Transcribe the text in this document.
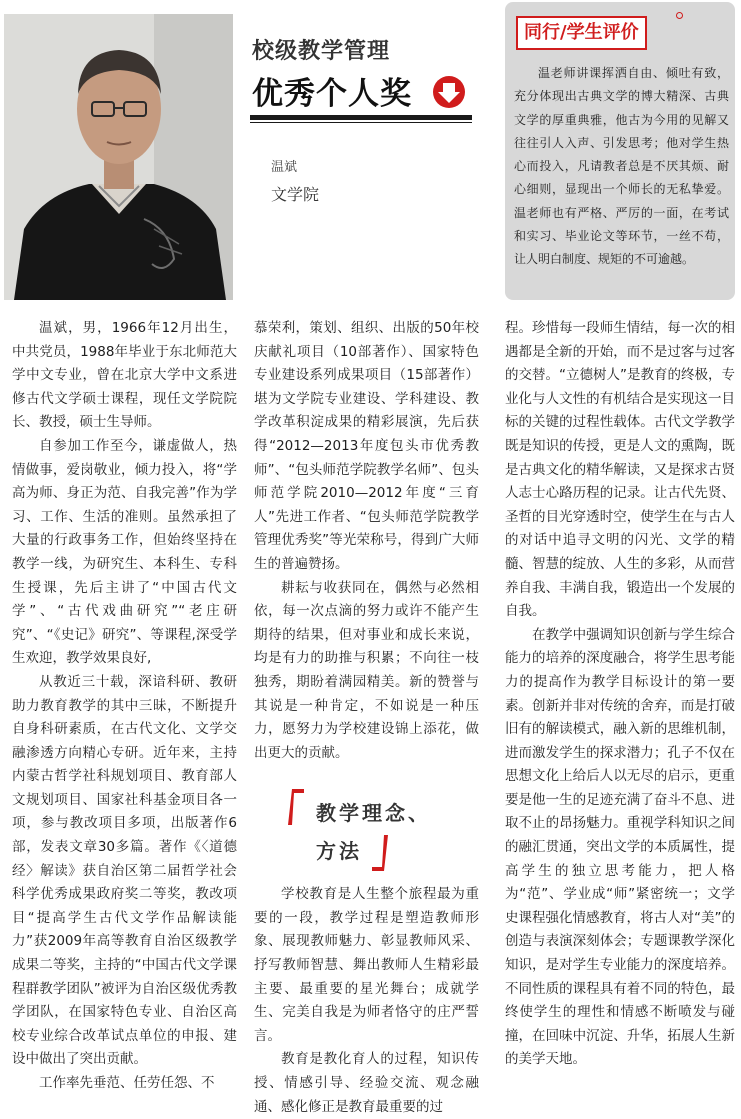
校级教学管理
优秀个人奖
温斌
文学院
同行/学生评价

温老师讲课挥洒自由、倾吐有致，充分体现出古典文学的博大精深、古典文学的厚重典雅，他古为今用的见解又往往引人入声、引发思考；他对学生热心而投入，凡请教者总是不厌其烦、耐心细则，显现出一个师长的无私挚爱。温老师也有严格、严厉的一面，在考试和实习、毕业论文等环节，一丝不苟，让人明白制度、规矩的不可逾越。

温斌，男，1966年12月出生，中共党员，1988年毕业于东北师范大学中文专业，曾在北京大学中文系进修古代文学硕士课程，现任文学院院长、教授，硕士生导师。

自参加工作至今，谦虚做人，热情做事，爱岗敬业，倾力投入，将“学高为师、身正为范、自我完善”作为学习、工作、生活的准则。虽然承担了大量的行政事务工作，但始终坚持在教学一线，为研究生、本科生、专科生授课，先后主讲了“中国古代文学”、“古代戏曲研究”“老庄研究”、“《史记》研究”、等课程,深受学生欢迎，教学效果良好,

从教近三十载，深谙科研、教研助力教育教学的其中三昧，不断提升自身科研素质，在古代文化、文学交融渗透方向精心专研。近年来，主持内蒙古哲学社科规划项目、教育部人文规划项目、国家社科基金项目各一项，参与教改项目多项，出版著作6部，发表文章30多篇。著作《〈道德经〉解读》获自治区第二届哲学社会科学优秀成果政府奖二等奖，教改项目“提高学生古代文学作品解读能力”获2009年高等教育自治区级教学成果二等奖，主持的“中国古代文学课程群教学团队”被评为自治区级优秀教学团队，在国家特色专业、自治区高校专业综合改革试点单位的申报、建设中做出了突出贡献。

工作率先垂范、任劳任怨、不

慕荣利，策划、组织、出版的50年校庆献礼项目（10部著作）、国家特色专业建设系列成果项目（15部著作）堪为文学院专业建设、学科建设、教学改革积淀成果的精彩展演，先后获得“2012—2013年度包头市优秀教师”、“包头师范学院教学名师”、包头师范学院2010—2012年度“三育人”先进工作者、“包头师范学院教学管理优秀奖”等光荣称号，得到广大师生的普遍赞扬。

耕耘与收获同在，偶然与必然相依，每一次点滴的努力或许不能产生期待的结果，但对事业和成长来说，均是有力的助推与积累；不向往一枝独秀，期盼着满园精美。新的赞誉与其说是一种肯定，不如说是一种压力，愿努力为学校建设锦上添花，做出更大的贡献。

学校教育是人生整个旅程最为重要的一段，教学过程是塑造教师形象、展现教师魅力、彰显教师风采、抒写教师智慧、舞出教师人生精彩最主要、最重要的星光舞台；成就学生、完美自我是为师者恪守的庄严誓言。

教育是教化育人的过程，知识传授、情感引导、经验交流、观念融通、感化修正是教育最重要的过

教学理念、
方法

程。珍惜每一段师生情结，每一次的相遇都是全新的开始，而不是过客与过客的交替。“立德树人”是教育的终极，专业化与人文性的有机结合是实现这一目标的关键的过程性载体。古代文学教学既是知识的传授，更是人文的熏陶，既是古典文化的精华解读，又是探求古贤人志士心路历程的记录。让古代先贤、圣哲的目光穿透时空，使学生在与古人的对话中追寻文明的闪光、文学的精髓、智慧的绽放、人生的多彩，从而营养自我、丰满自我，锻造出一个发展的自我。

在教学中强调知识创新与学生综合能力的培养的深度融合，将学生思考能力的提高作为教学目标设计的第一要素。创新并非对传统的舍弃，而是打破旧有的解读模式，融入新的思维机制，进而激发学生的探求潜力；孔子不仅在思想文化上给后人以无尽的启示，更重要是他一生的足迹充满了奋斗不息、进取不止的昂扬魅力。重视学科知识之间的融汇贯通，突出文学的本质属性，提高学生的独立思考能力，把人格为“范”、学业成“师”紧密统一；文学史课程强化情感教育，将古人对“美”的创造与表演深刻体会；专题课教学深化知识，是对学生专业能力的深度培养。不同性质的课程具有着不同的特色，最终使学生的理性和情感不断喷发与碰撞，在回味中沉淀、升华，拓展人生新的美学天地。
